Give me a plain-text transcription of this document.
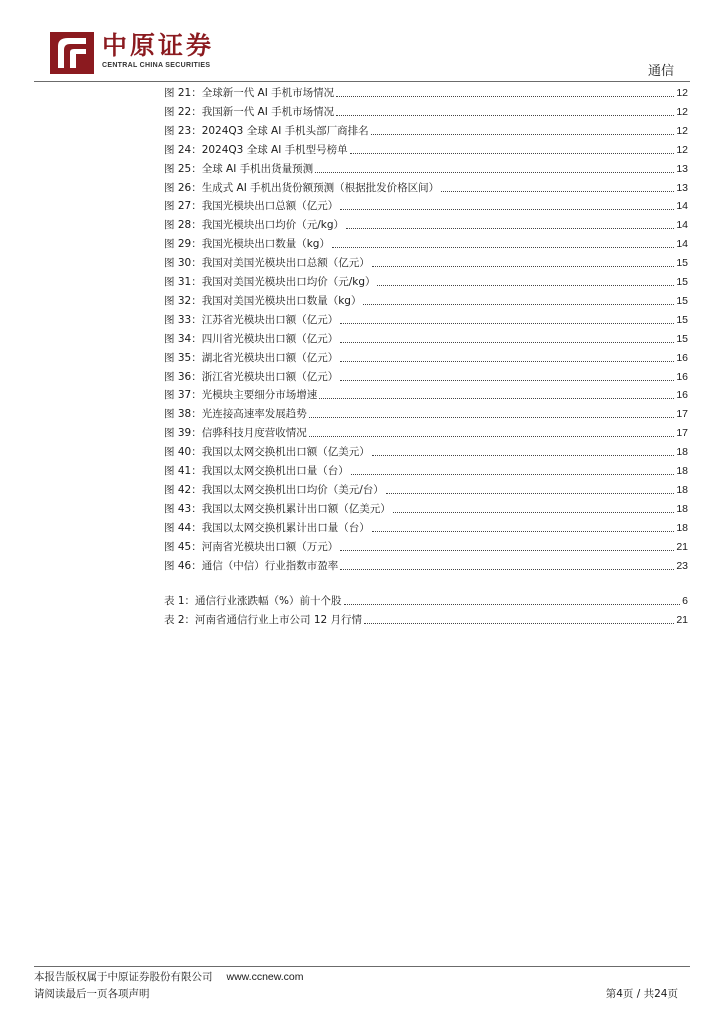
中原证券
CENTRAL CHINA SECURITIES	通信
图 21：全球新一代 AI 手机市场情况	12
图 22：我国新一代 AI 手机市场情况	12
图 23：2024Q3 全球 AI 手机头部厂商排名	12
图 24：2024Q3 全球 AI 手机型号榜单	12
图 25：全球 AI 手机出货量预测	13
图 26：生成式 AI 手机出货份额预测（根据批发价格区间）	13
图 27：我国光模块出口总额（亿元）	14
图 28：我国光模块出口均价（元/kg）	14
图 29：我国光模块出口数量（kg）	14
图 30：我国对美国光模块出口总额（亿元）	15
图 31：我国对美国光模块出口均价（元/kg）	15
图 32：我国对美国光模块出口数量（kg）	15
图 33：江苏省光模块出口额（亿元）	15
图 34：四川省光模块出口额（亿元）	15
图 35：湖北省光模块出口额（亿元）	16
图 36：浙江省光模块出口额（亿元）	16
图 37：光模块主要细分市场增速	16
图 38：光连接高速率发展趋势	17
图 39：信骅科技月度营收情况	17
图 40：我国以太网交换机出口额（亿美元）	18
图 41：我国以太网交换机出口量（台）	18
图 42：我国以太网交换机出口均价（美元/台）	18
图 43：我国以太网交换机累计出口额（亿美元）	18
图 44：我国以太网交换机累计出口量（台）	18
图 45：河南省光模块出口额（万元）	21
图 46：通信（中信）行业指数市盈率	23
表 1：通信行业涨跌幅（%）前十个股	6
表 2：河南省通信行业上市公司 12 月行情	21
本报告版权属于中原证券股份有限公司 www.ccnew.com
请阅读最后一页各项声明	第4页 / 共24页
